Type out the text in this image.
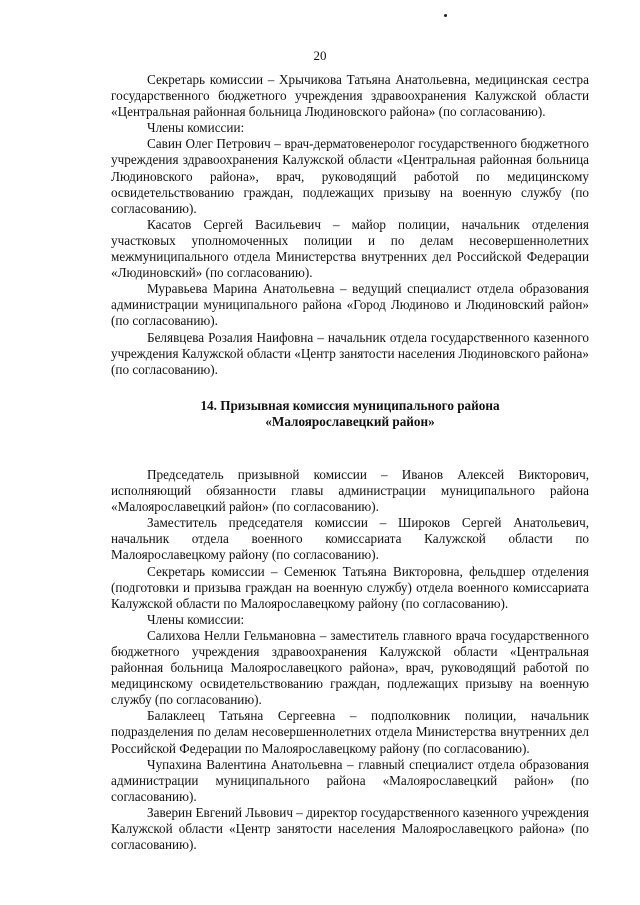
20

Секретарь комиссии – Хрычикова Татьяна Анатольевна, медицинская сестра государственного бюджетного учреждения здравоохранения Калужской области «Центральная районная больница Людиновского района» (по согласованию).

Члены комиссии:

Савин Олег Петрович – врач-дерматовенеролог государственного бюджетного учреждения здравоохранения Калужской области «Центральная районная больница Людиновского района», врач, руководящий работой по медицинскому освидетельствованию граждан, подлежащих призыву на военную службу (по согласованию).

Касатов Сергей Васильевич – майор полиции, начальник отделения участковых уполномоченных полиции и по делам несовершеннолетних межмуниципального отдела Министерства внутренних дел Российской Федерации «Людиновский» (по согласованию).

Муравьева Марина Анатольевна – ведущий специалист отдела образования администрации муниципального района «Город Людиново и Людиновский район» (по согласованию).

Белявцева Розалия Наифовна – начальник отдела государственного казенного учреждения Калужской области «Центр занятости населения Людиновского района» (по согласованию).

14. Призывная комиссия муниципального района
«Малоярославецкий район»

Председатель призывной комиссии – Иванов Алексей Викторович, исполняющий обязанности главы администрации муниципального района «Малоярославецкий район» (по согласованию).

Заместитель председателя комиссии – Широков Сергей Анатольевич, начальник отдела военного комиссариата Калужской области по Малоярославецкому району (по согласованию).

Секретарь комиссии – Семенюк Татьяна Викторовна, фельдшер отделения (подготовки и призыва граждан на военную службу) отдела военного комиссариата Калужской области по Малоярославецкому району (по согласованию).

Члены комиссии:

Салихова Нелли Гельмановна – заместитель главного врача государственного бюджетного учреждения здравоохранения Калужской области «Центральная районная больница Малоярославецкого района», врач, руководящий работой по медицинскому освидетельствованию граждан, подлежащих призыву на военную службу (по согласованию).

Балаклеец Татьяна Сергеевна – подполковник полиции, начальник подразделения по делам несовершеннолетних отдела Министерства внутренних дел Российской Федерации по Малоярославецкому району (по согласованию).

Чупахина Валентина Анатольевна – главный специалист отдела образования администрации муниципального района «Малоярославецкий район» (по согласованию).

Заверин Евгений Львович – директор государственного казенного учреждения Калужской области «Центр занятости населения Малоярославецкого района» (по согласованию).
